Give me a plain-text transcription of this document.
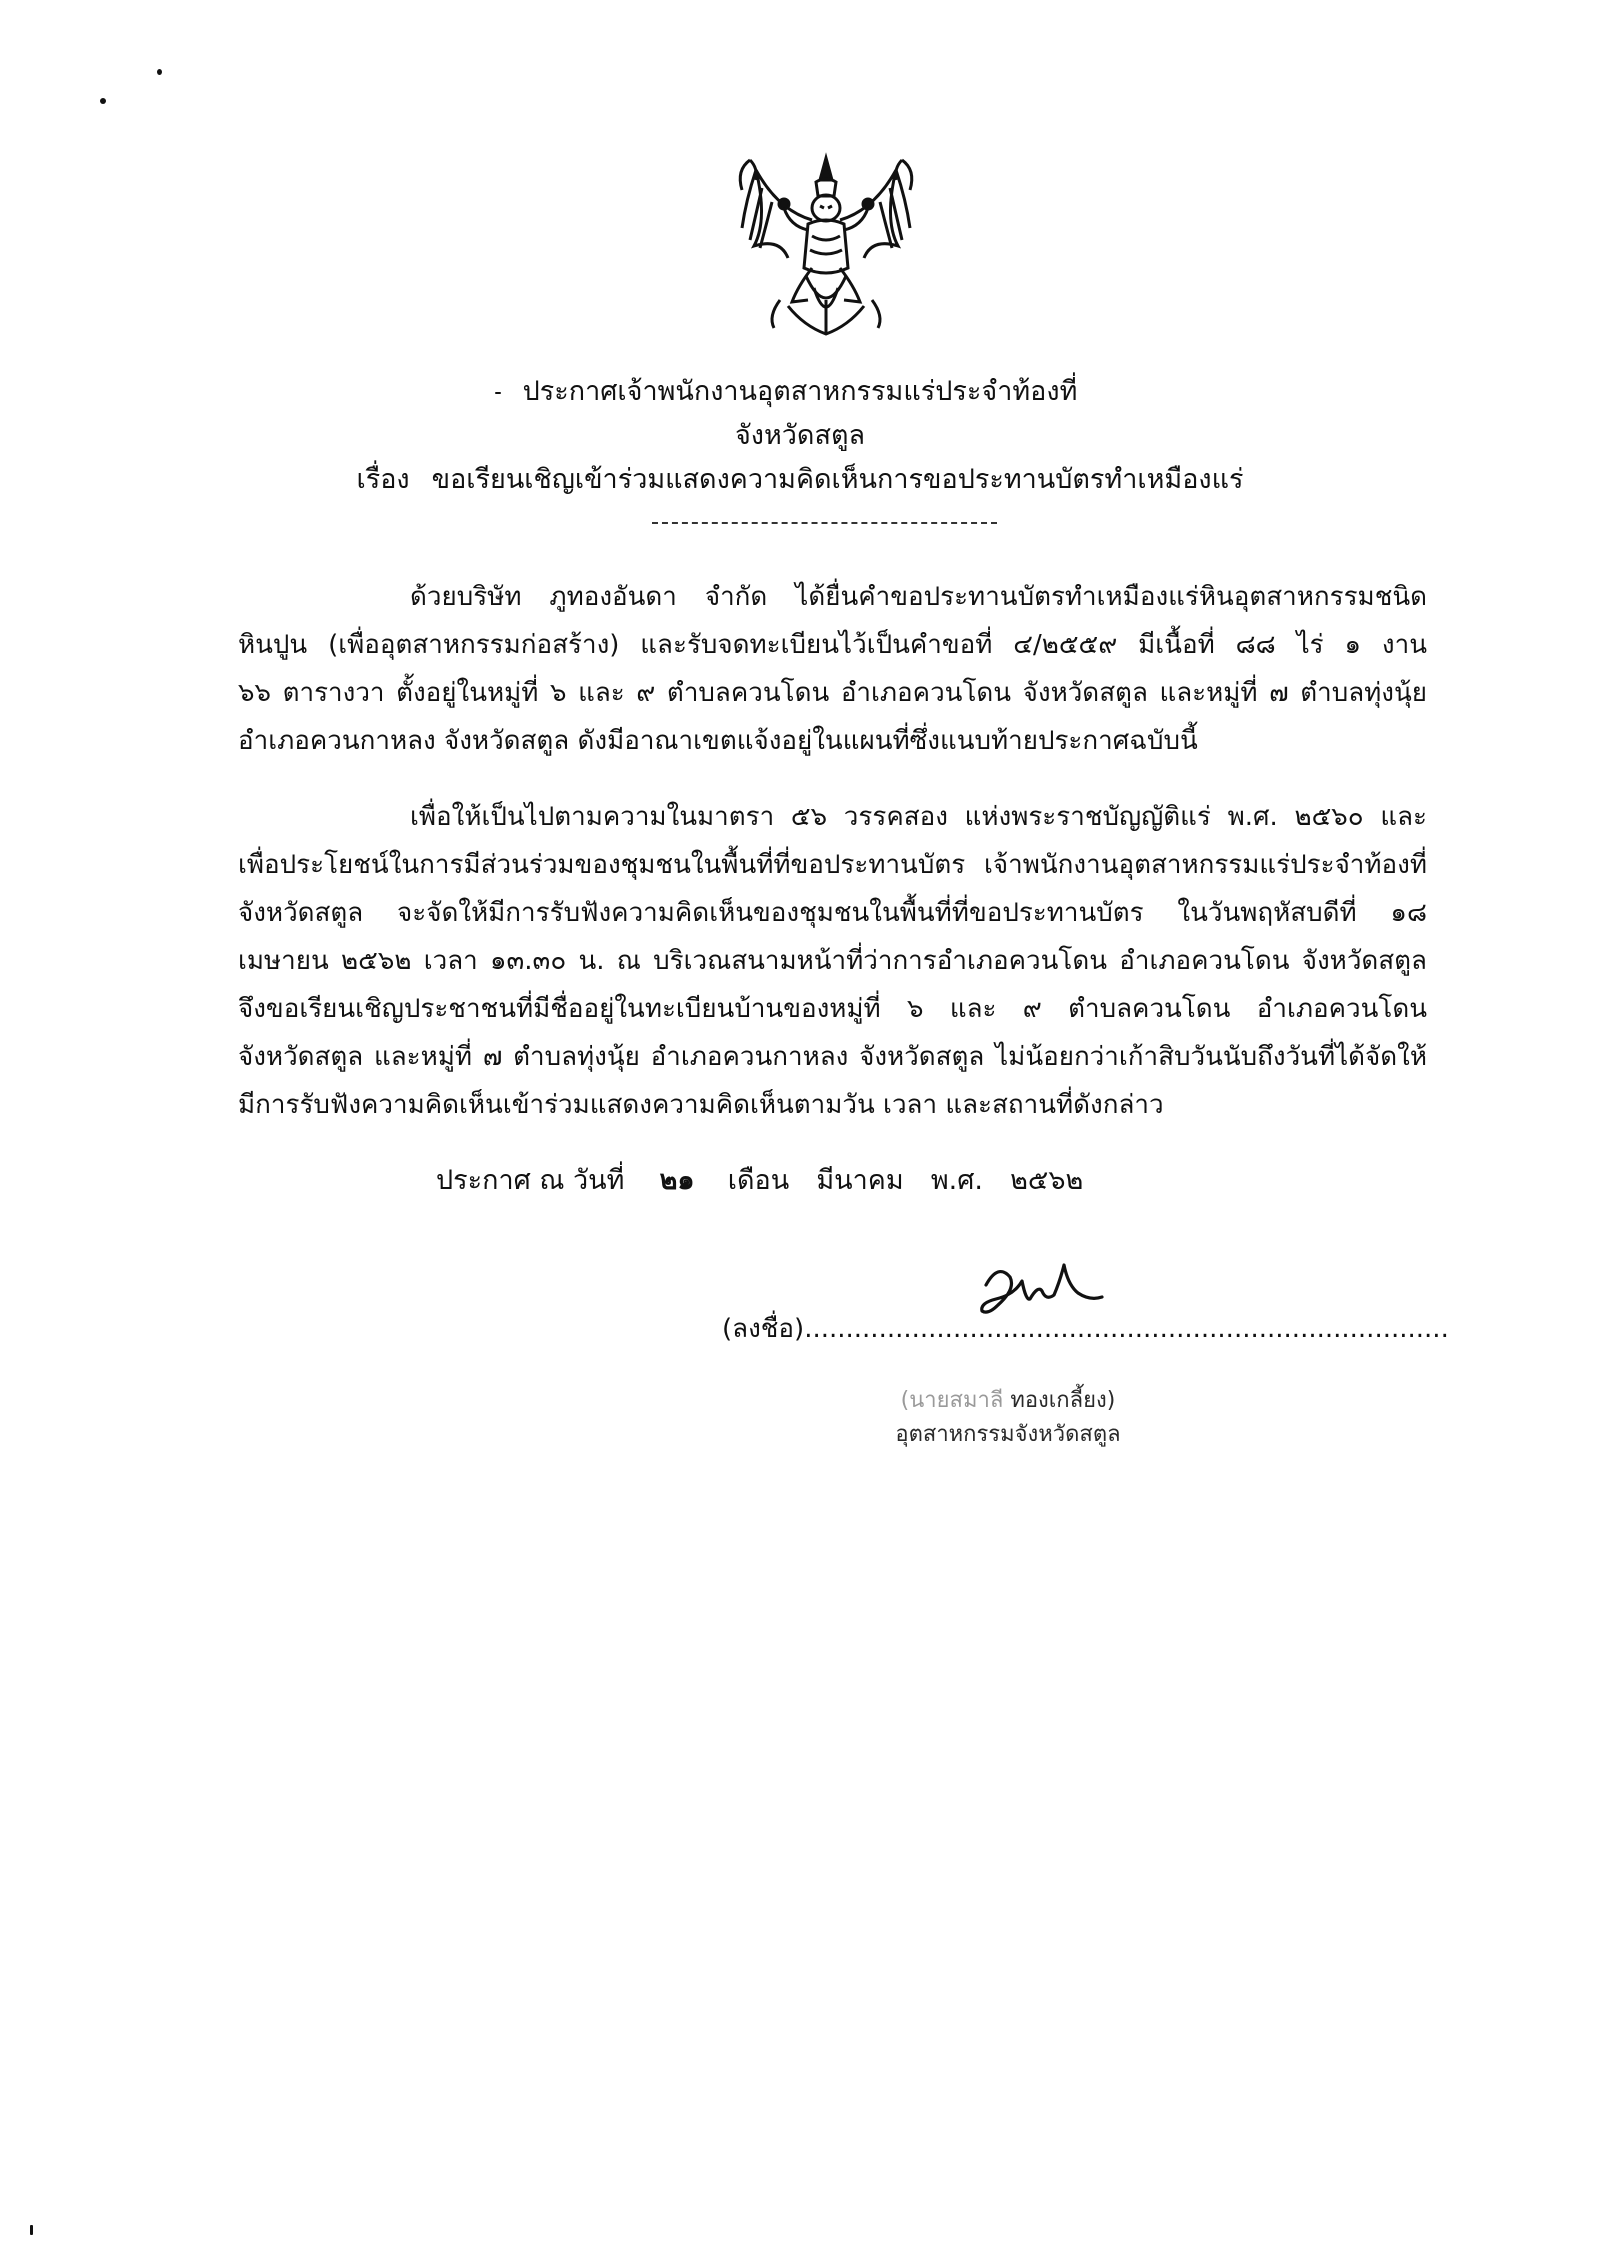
ประกาศเจ้าพนักงานอุตสาหกรรมแร่ประจำท้องที่
จังหวัดสตูล
เรื่อง ขอเรียนเชิญเข้าร่วมแสดงความคิดเห็นการขอประทานบัตรทำเหมืองแร่
ด้วยบริษัท ภูทองอันดา จำกัด ได้ยื่นคำขอประทานบัตรทำเหมืองแร่หินอุตสาหกรรมชนิด
หินปูน (เพื่ออุตสาหกรรมก่อสร้าง) และรับจดทะเบียนไว้เป็นคำขอที่ ๔/๒๕๕๙ มีเนื้อที่ ๘๘ ไร่ ๑ งาน
๖๖ ตารางวา ตั้งอยู่ในหมู่ที่ ๖ และ ๙ ตำบลควนโดน อำเภอควนโดน จังหวัดสตูล และหมู่ที่ ๗ ตำบลทุ่งนุ้ย
อำเภอควนกาหลง จังหวัดสตูล ดังมีอาณาเขตแจ้งอยู่ในแผนที่ซึ่งแนบท้ายประกาศฉบับนี้
เพื่อให้เป็นไปตามความในมาตรา ๕๖ วรรคสอง แห่งพระราชบัญญัติแร่ พ.ศ. ๒๕๖๐ และ
เพื่อประโยชน์ในการมีส่วนร่วมของชุมชนในพื้นที่ที่ขอประทานบัตร เจ้าพนักงานอุตสาหกรรมแร่ประจำท้องที่
จังหวัดสตูล จะจัดให้มีการรับฟังความคิดเห็นของชุมชนในพื้นที่ที่ขอประทานบัตร ในวันพฤหัสบดีที่ ๑๘
เมษายน ๒๕๖๒ เวลา ๑๓.๓๐ น. ณ บริเวณสนามหน้าที่ว่าการอำเภอควนโดน อำเภอควนโดน จังหวัดสตูล
จึงขอเรียนเชิญประชาชนที่มีชื่ออยู่ในทะเบียนบ้านของหมู่ที่ ๖ และ ๙ ตำบลควนโดน อำเภอควนโดน
จังหวัดสตูล และหมู่ที่ ๗ ตำบลทุ่งนุ้ย อำเภอควนกาหลง จังหวัดสตูล ไม่น้อยกว่าเก้าสิบวันนับถึงวันที่ได้จัดให้
มีการรับฟังความคิดเห็นเข้าร่วมแสดงความคิดเห็นตามวัน เวลา และสถานที่ดังกล่าว
ประกาศ ณ วันที่ ๒๑ เดือน มีนาคม พ.ศ. ๒๕๖๒
(ลงชื่อ)..............................................................................
(นายสมาลี ทองเกลี้ยง)
อุตสาหกรรมจังหวัดสตูล
